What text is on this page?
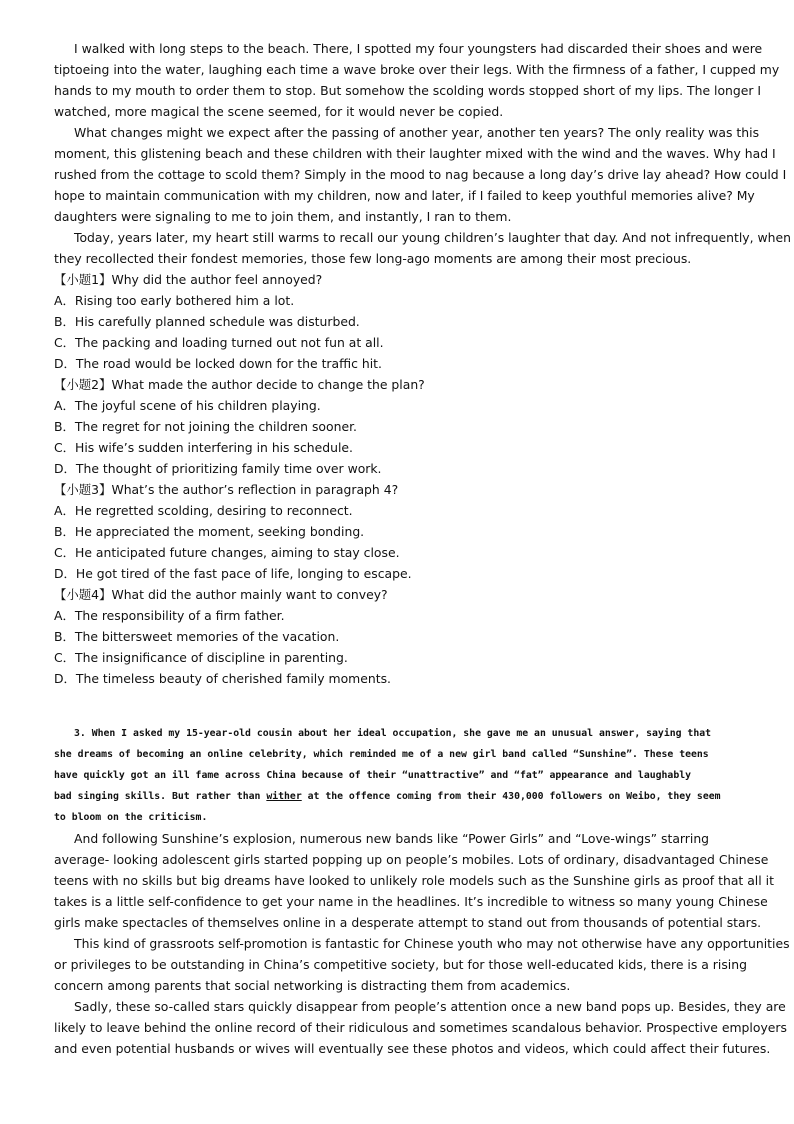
I walked with long steps to the beach. There, I spotted my four youngsters had discarded their shoes and were
tiptoeing into the water, laughing each time a wave broke over their legs. With the firmness of a father, I cupped my
hands to my mouth to order them to stop. But somehow the scolding words stopped short of my lips. The longer I
watched, more magical the scene seemed, for it would never be copied.
What changes might we expect after the passing of another year, another ten years? The only reality was this
moment, this glistening beach and these children with their laughter mixed with the wind and the waves. Why had I
rushed from the cottage to scold them? Simply in the mood to nag because a long day’s drive lay ahead? How could I
hope to maintain communication with my children, now and later, if I failed to keep youthful memories alive? My
daughters were signaling to me to join them, and instantly, I ran to them.
Today, years later, my heart still warms to recall our young children’s laughter that day. And not infrequently, when
they recollected their fondest memories, those few long-ago moments are among their most precious.
【小题1】Why did the author feel annoyed?
A．Rising too early bothered him a lot.
B．His carefully planned schedule was disturbed.
C．The packing and loading turned out not fun at all.
D．The road would be locked down for the traffic hit.
【小题2】What made the author decide to change the plan?
A．The joyful scene of his children playing.
B．The regret for not joining the children sooner.
C．His wife’s sudden interfering in his schedule.
D．The thought of prioritizing family time over work.
【小题3】What’s the author’s reflection in paragraph 4?
A．He regretted scolding, desiring to reconnect.
B．He appreciated the moment, seeking bonding.
C．He anticipated future changes, aiming to stay close.
D．He got tired of the fast pace of life, longing to escape.
【小题4】What did the author mainly want to convey?
A．The responsibility of a firm father.
B．The bittersweet memories of the vacation.
C．The insignificance of discipline in parenting.
D．The timeless beauty of cherished family moments.
3. When I asked my 15-year-old cousin about her ideal occupation, she gave me an unusual answer, saying that
she dreams of becoming an online celebrity, which reminded me of a new girl band called “Sunshine”. These teens
have quickly got an ill fame across China because of their “unattractive” and “fat” appearance and laughably
bad singing skills. But rather than wither at the offence coming from their 430,000 followers on Weibo, they seem
to bloom on the criticism.
And following Sunshine’s explosion, numerous new bands like “Power Girls” and “Love-wings” starring
average- looking adolescent girls started popping up on people’s mobiles. Lots of ordinary, disadvantaged Chinese
teens with no skills but big dreams have looked to unlikely role models such as the Sunshine girls as proof that all it
takes is a little self-confidence to get your name in the headlines. It’s incredible to witness so many young Chinese
girls make spectacles of themselves online in a desperate attempt to stand out from thousands of potential stars.
This kind of grassroots self-promotion is fantastic for Chinese youth who may not otherwise have any opportunities
or privileges to be outstanding in China’s competitive society, but for those well-educated kids, there is a rising
concern among parents that social networking is distracting them from academics.
Sadly, these so-called stars quickly disappear from people’s attention once a new band pops up. Besides, they are
likely to leave behind the online record of their ridiculous and sometimes scandalous behavior. Prospective employers
and even potential husbands or wives will eventually see these photos and videos, which could affect their futures.
